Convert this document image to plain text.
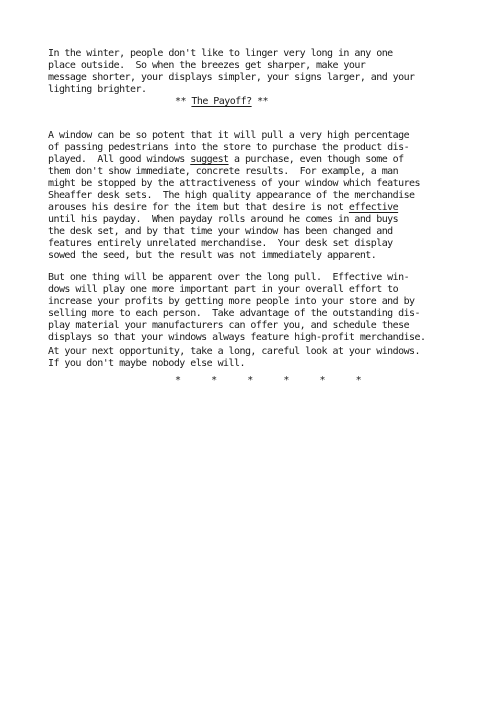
In the winter, people don't like to linger very long in any one
place outside.  So when the breezes get sharper, make your
message shorter, your displays simpler, your signs larger, and your
lighting brighter.
** The Payoff? **
A window can be so potent that it will pull a very high percentage
of passing pedestrians into the store to purchase the product dis-
played.  All good windows suggest a purchase, even though some of
them don't show immediate, concrete results.  For example, a man
might be stopped by the attractiveness of your window which features
Sheaffer desk sets.  The high quality appearance of the merchandise
arouses his desire for the item but that desire is not effective
until his payday.  When payday rolls around he comes in and buys
the desk set, and by that time your window has been changed and
features entirely unrelated merchandise.  Your desk set display
sowed the seed, but the result was not immediately apparent.
But one thing will be apparent over the long pull.  Effective win-
dows will play one more important part in your overall effort to
increase your profits by getting more people into your store and by
selling more to each person.  Take advantage of the outstanding dis-
play material your manufacturers can offer you, and schedule these
displays so that your windows always feature high-profit merchandise.
At your next opportunity, take a long, careful look at your windows.
If you don't maybe nobody else will.
*     *     *     *     *     *
